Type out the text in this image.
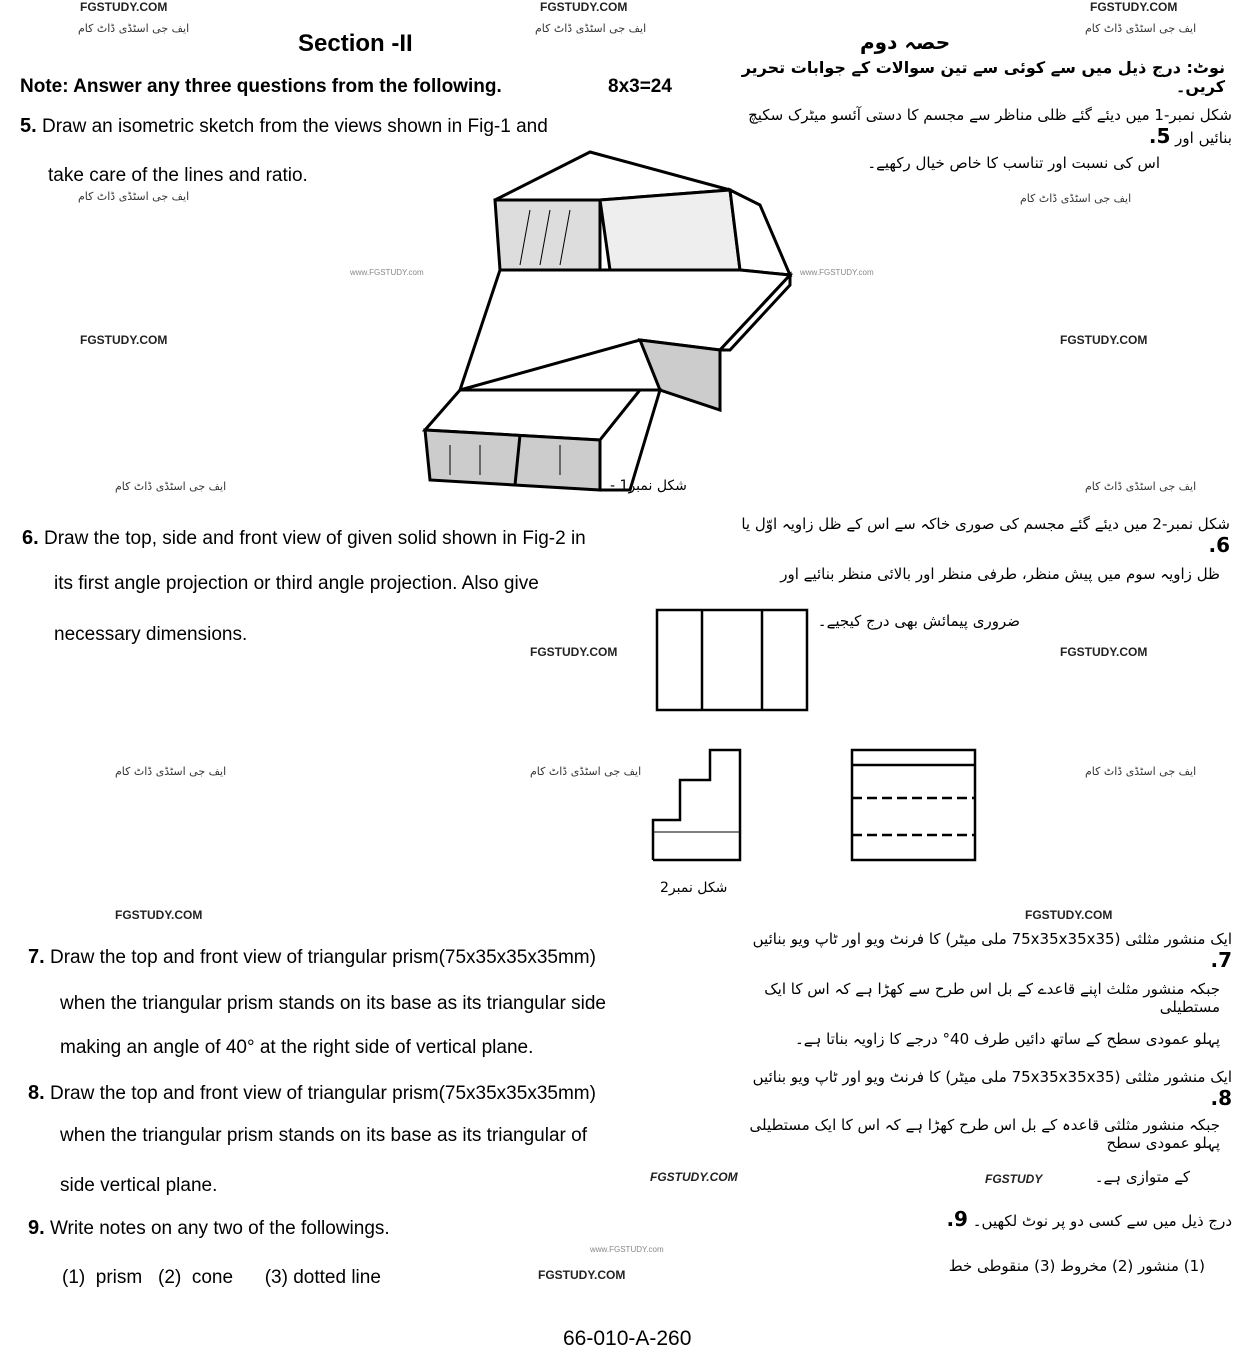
FGSTUDY.COM	FGSTUDY.COM	FGSTUDY.COM
ایف جی اسٹڈی ڈاٹ کام	ایف جی اسٹڈی ڈاٹ کام	ایف جی اسٹڈی ڈاٹ کام
ایف جی اسٹڈی ڈاٹ کام	ایف جی اسٹڈی ڈاٹ کام
FGSTUDY.COM	FGSTUDY.COM
ایف جی اسٹڈی ڈاٹ کام	ایف جی اسٹڈی ڈاٹ کام
FGSTUDY.COM	FGSTUDY.COM
ایف جی اسٹڈی ڈاٹ کام	ایف جی اسٹڈی ڈاٹ کام	ایف جی اسٹڈی ڈاٹ کام
FGSTUDY.COM	FGSTUDY.COM
FGSTUDY.COM	FGSTUDY
FGSTUDY.COM
www.FGSTUDY.com	www.FGSTUDY.com
www.FGSTUDY.com
Section -II	حصہ دوم
Note: Answer any three questions from the following.	8x3=24
نوٹ: درج ذیل میں سے کوئی سے تین سوالات کے جوابات تحریر کریں۔
5. Draw an isometric sketch from the views shown in Fig-1 and
take care of the lines and ratio.
شکل نمبر-1 میں دیئے گئے ظلی مناظر سے مجسم کا دستی آئسو میٹرک سکیچ بنائیں اور 5.
اس کی نسبت اور تناسب کا خاص خیال رکھیے۔
شکل نمبر1 -
6. Draw the top, side and front view of given solid shown in Fig-2 in
its first angle projection or third angle projection. Also give
necessary dimensions.
شکل نمبر-2 میں دیئے گئے مجسم کی صوری خاکہ سے اس کے ظل زاویہ اوّل یا 6.
ظل زاویہ سوم میں پیش منظر، طرفی منظر اور بالائی منظر بنائیے اور
ضروری پیمائش بھی درج کیجیے۔
شکل نمبر2
7. Draw the top and front view of triangular prism(75x35x35x35mm)
when the triangular prism stands on its base as its triangular side
making an angle of 40° at the right side of vertical plane.
ایک منشور مثلثی (75x35x35x35 ملی میٹر) کا فرنٹ ویو اور ٹاپ ویو بنائیں 7.
جبکہ منشور مثلث اپنے قاعدے کے بل اس طرح سے کھڑا ہے کہ اس کا ایک مستطیلی
پہلو عمودی سطح کے ساتھ دائیں طرف 40° درجے کا زاویہ بناتا ہے۔
8. Draw the top and front view of triangular prism(75x35x35x35mm)
when the triangular prism stands on its base as its triangular of
side vertical plane.
ایک منشور مثلثی (75x35x35x35 ملی میٹر) کا فرنٹ ویو اور ٹاپ ویو بنائیں 8.
جبکہ منشور مثلثی قاعدہ کے بل اس طرح کھڑا ہے کہ اس کا ایک مستطیلی پہلو عمودی سطح
کے متوازی ہے۔
9. Write notes on any two of the followings.
(1)  prism   (2)  cone      (3) dotted line
درج ذیل میں سے کسی دو پر نوٹ لکھیں۔ 9.
(1) منشور (2) مخروط (3) منقوطی خط
66-010-A-260
